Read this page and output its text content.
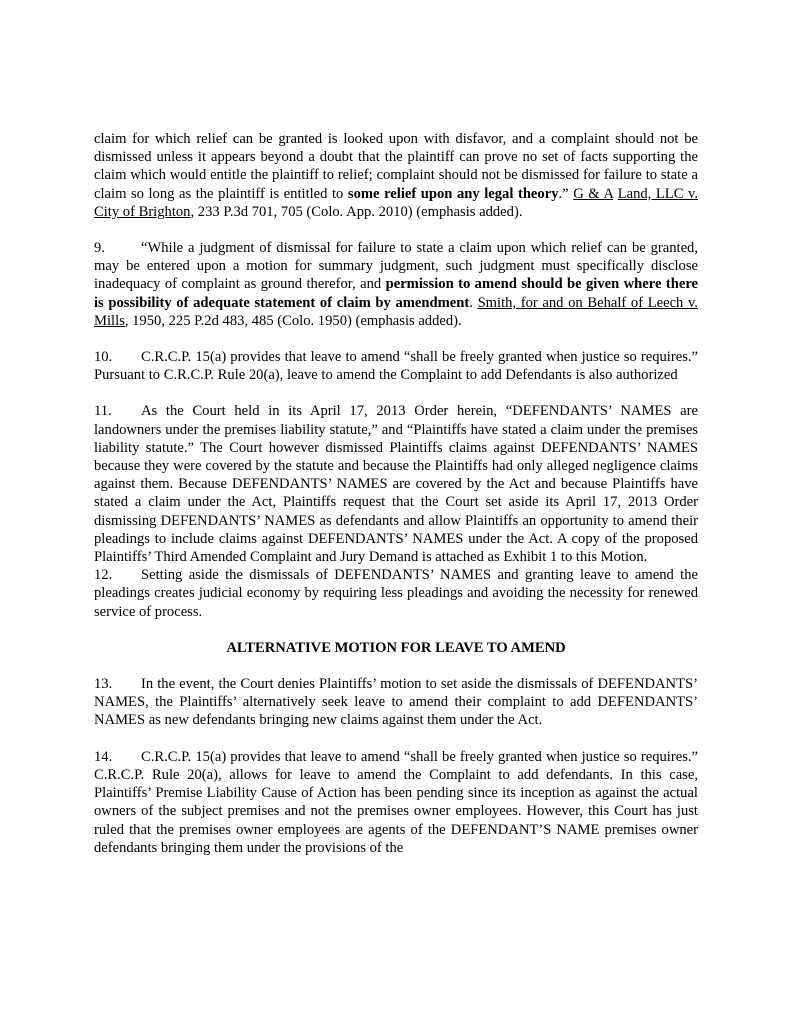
claim for which relief can be granted is looked upon with disfavor, and a complaint should not be dismissed unless it appears beyond a doubt that the plaintiff can prove no set of facts supporting the claim which would entitle the plaintiff to relief; complaint should not be dismissed for failure to state a claim so long as the plaintiff is entitled to some relief upon any legal theory.” G & A Land, LLC v. City of Brighton, 233 P.3d 701, 705 (Colo. App. 2010) (emphasis added).

9. “While a judgment of dismissal for failure to state a claim upon which relief can be granted, may be entered upon a motion for summary judgment, such judgment must specifically disclose inadequacy of complaint as ground therefor, and permission to amend should be given where there is possibility of adequate statement of claim by amendment. Smith, for and on Behalf of Leech v. Mills, 1950, 225 P.2d 483, 485 (Colo. 1950) (emphasis added).

10. C.R.C.P. 15(a) provides that leave to amend “shall be freely granted when justice so requires.” Pursuant to C.R.C.P. Rule 20(a), leave to amend the Complaint to add Defendants is also authorized

11. As the Court held in its April 17, 2013 Order herein, “DEFENDANTS’ NAMES are landowners under the premises liability statute,” and “Plaintiffs have stated a claim under the premises liability statute.” The Court however dismissed Plaintiffs claims against DEFENDANTS’ NAMES because they were covered by the statute and because the Plaintiffs had only alleged negligence claims against them. Because DEFENDANTS’ NAMES are covered by the Act and because Plaintiffs have stated a claim under the Act, Plaintiffs request that the Court set aside its April 17, 2013 Order dismissing DEFENDANTS’ NAMES as defendants and allow Plaintiffs an opportunity to amend their pleadings to include claims against DEFENDANTS’ NAMES under the Act. A copy of the proposed Plaintiffs’ Third Amended Complaint and Jury Demand is attached as Exhibit 1 to this Motion.

12. Setting aside the dismissals of DEFENDANTS’ NAMES and granting leave to amend the pleadings creates judicial economy by requiring less pleadings and avoiding the necessity for renewed service of process.

ALTERNATIVE MOTION FOR LEAVE TO AMEND

13. In the event, the Court denies Plaintiffs’ motion to set aside the dismissals of DEFENDANTS’ NAMES, the Plaintiffs’ alternatively seek leave to amend their complaint to add DEFENDANTS’ NAMES as new defendants bringing new claims against them under the Act.

14. C.R.C.P. 15(a) provides that leave to amend “shall be freely granted when justice so requires.” C.R.C.P. Rule 20(a), allows for leave to amend the Complaint to add defendants. In this case, Plaintiffs’ Premise Liability Cause of Action has been pending since its inception as against the actual owners of the subject premises and not the premises owner employees. However, this Court has just ruled that the premises owner employees are agents of the DEFENDANT’S NAME premises owner defendants bringing them under the provisions of the
